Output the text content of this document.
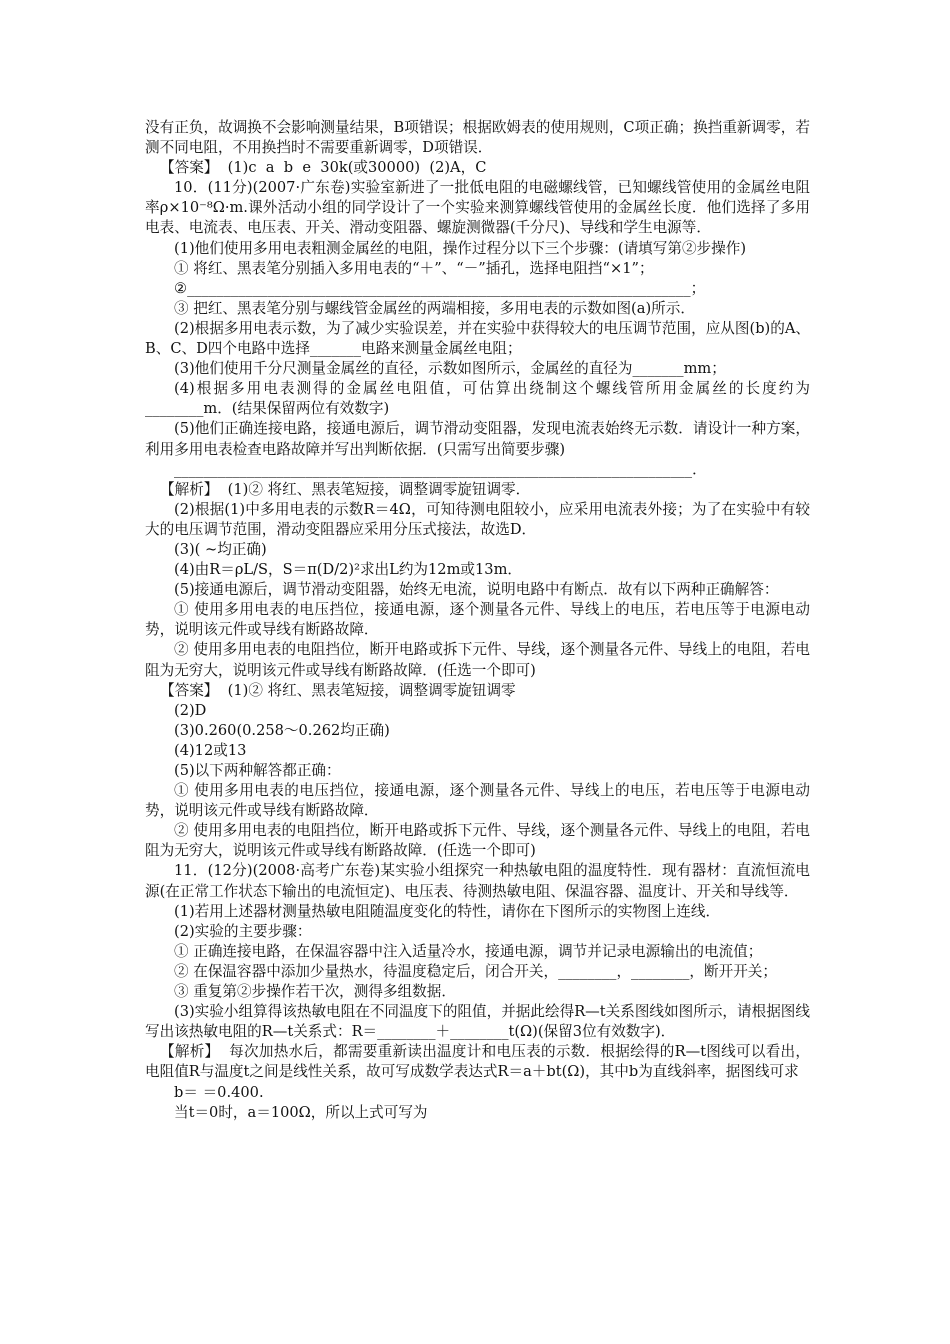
没有正负，故调换不会影响测量结果，B项错误；根据欧姆表的使用规则，C项正确；换挡重新调零，若测不同电阻，不用换挡时不需要重新调零，D项错误．

【答案】  (1)c  a  b  e  30k(或30000)  (2)A，C

10．(11分)(2007·广东卷)实验室新进了一批低电阻的电磁螺线管，已知螺线管使用的金属丝电阻率ρ×10⁻⁸Ω·m.课外活动小组的同学设计了一个实验来测算螺线管使用的金属丝长度．他们选择了多用电表、电流表、电压表、开关、滑动变阻器、螺旋测微器(千分尺)、导线和学生电源等．

(1)他们使用多用电表粗测金属丝的电阻，操作过程分以下三个步骤：(请填写第②步操作)

① 将红、黑表笔分别插入多用电表的“＋”、“－”插孔，选择电阻挡“×1”；

②_____________________________________________________________________；

③ 把红、黑表笔分别与螺线管金属丝的两端相接，多用电表的示数如图(a)所示．

(2)根据多用电表示数，为了减少实验误差，并在实验中获得较大的电压调节范围，应从图(b)的A、B、C、D四个电路中选择_______电路来测量金属丝电阻；

(3)他们使用千分尺测量金属丝的直径，示数如图所示，金属丝的直径为_______mm；

(4)根据多用电表测得的金属丝电阻值，可估算出绕制这个螺线管所用金属丝的长度约为________m．(结果保留两位有效数字)

(5)他们正确连接电路，接通电源后，调节滑动变阻器，发现电流表始终无示数．请设计一种方案，利用多用电表检查电路故障并写出判断依据．(只需写出简要步骤)

_______________________________________________________________________．

【解析】  (1)② 将红、黑表笔短接，调整调零旋钮调零．

(2)根据(1)中多用电表的示数R＝4Ω，可知待测电阻较小，应采用电流表外接；为了在实验中有较大的电压调节范围，滑动变阻器应采用分压式接法，故选D．

(3)( ~均正确)

(4)由R＝ρL/S，S＝π(D/2)²求出L约为12m或13m．

(5)接通电源后，调节滑动变阻器，始终无电流，说明电路中有断点．故有以下两种正确解答：

① 使用多用电表的电压挡位，接通电源，逐个测量各元件、导线上的电压，若电压等于电源电动势，说明该元件或导线有断路故障．

② 使用多用电表的电阻挡位，断开电路或拆下元件、导线，逐个测量各元件、导线上的电阻，若电阻为无穷大，说明该元件或导线有断路故障．(任选一个即可)

【答案】  (1)② 将红、黑表笔短接，调整调零旋钮调零

(2)D

(3)0.260(0.258～0.262均正确)

(4)12或13

(5)以下两种解答都正确：

① 使用多用电表的电压挡位，接通电源，逐个测量各元件、导线上的电压，若电压等于电源电动势，说明该元件或导线有断路故障．

② 使用多用电表的电阻挡位，断开电路或拆下元件、导线，逐个测量各元件、导线上的电阻，若电阻为无穷大，说明该元件或导线有断路故障．(任选一个即可)

11．(12分)(2008·高考广东卷)某实验小组探究一种热敏电阻的温度特性．现有器材：直流恒流电源(在正常工作状态下输出的电流恒定)、电压表、待测热敏电阻、保温容器、温度计、开关和导线等．

(1)若用上述器材测量热敏电阻随温度变化的特性，请你在下图所示的实物图上连线．

(2)实验的主要步骤：

① 正确连接电路，在保温容器中注入适量冷水，接通电源，调节并记录电源输出的电流值；

② 在保温容器中添加少量热水，待温度稳定后，闭合开关，________，________，断开开关；

③ 重复第②步操作若干次，测得多组数据．

(3)实验小组算得该热敏电阻在不同温度下的阻值，并据此绘得R—t关系图线如图所示，请根据图线写出该热敏电阻的R—t关系式：R＝________＋________t(Ω)(保留3位有效数字)．

【解析】  每次加热水后，都需要重新读出温度计和电压表的示数．根据绘得的R—t图线可以看出，电阻值R与温度t之间是线性关系，故可写成数学表达式R＝a＋bt(Ω)，其中b为直线斜率，据图线可求

b＝ ＝0.400.

当t＝0时，a＝100Ω，所以上式可写为
